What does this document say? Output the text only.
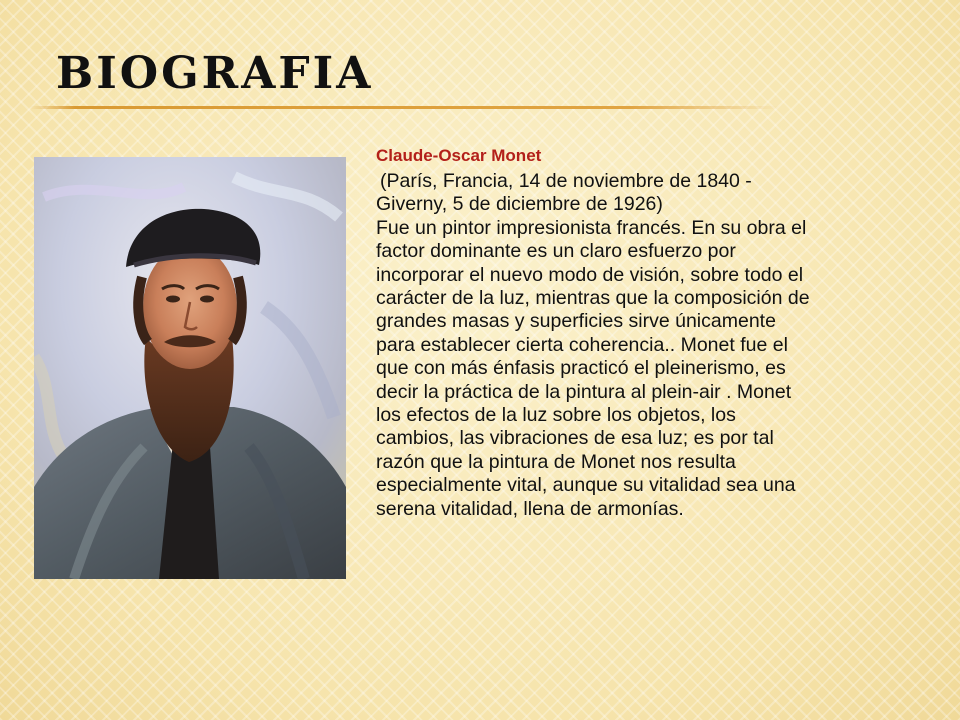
BIOGRAFIA
Claude-Oscar Monet
(París, Francia, 14 de noviembre de 1840 -
Giverny, 5 de diciembre de 1926)
Fue un pintor impresionista francés. En su obra el
factor dominante es un claro esfuerzo por
incorporar el nuevo modo de visión, sobre todo el
carácter de la luz, mientras que la composición de
grandes masas y superficies sirve únicamente
para establecer cierta coherencia.. Monet fue el
que con más énfasis practicó el pleinerismo, es
decir la práctica de la pintura al plein-air . Monet
los efectos de la luz sobre los objetos, los
cambios, las vibraciones de esa luz; es por tal
razón que la pintura de Monet nos resulta
especialmente vital, aunque su vitalidad sea una
serena vitalidad, llena de armonías.
